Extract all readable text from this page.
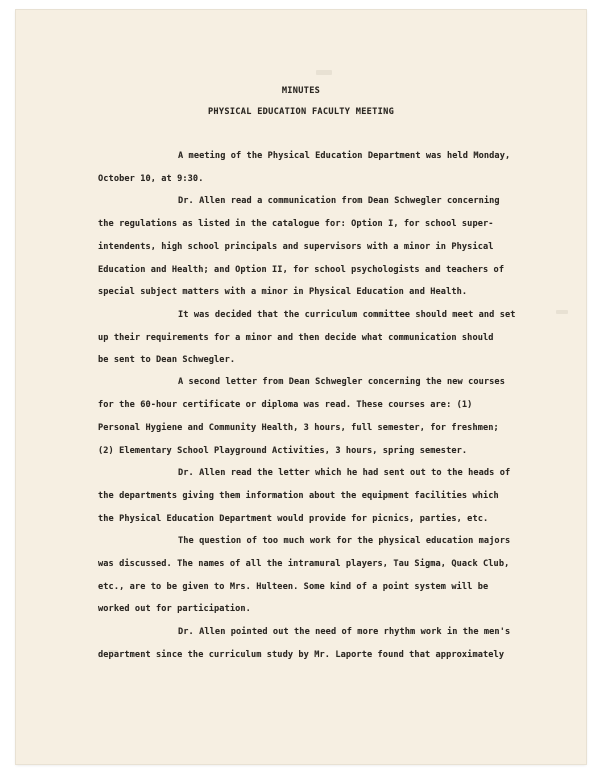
MINUTES
PHYSICAL EDUCATION FACULTY MEETING
A meeting of the Physical Education Department was held Monday,
October 10, at 9:30.
Dr. Allen read a communication from Dean Schwegler concerning
the regulations as listed in the catalogue for: Option I, for school super-
intendents, high school principals and supervisors with a minor in Physical
Education and Health; and Option II, for school psychologists and teachers of
special subject matters with a minor in Physical Education and Health.
It was decided that the curriculum committee should meet and set
up their requirements for a minor and then decide what communication should
be sent to Dean Schwegler.
A second letter from Dean Schwegler concerning the new courses
for the 60-hour certificate or diploma was read. These courses are: (1)
Personal Hygiene and Community Health, 3 hours, full semester, for freshmen;
(2) Elementary School Playground Activities, 3 hours, spring semester.
Dr. Allen read the letter which he had sent out to the heads of
the departments giving them information about the equipment facilities which
the Physical Education Department would provide for picnics, parties, etc.
The question of too much work for the physical education majors
was discussed. The names of all the intramural players, Tau Sigma, Quack Club,
etc., are to be given to Mrs. Hulteen. Some kind of a point system will be
worked out for participation.
Dr. Allen pointed out the need of more rhythm work in the men's
department since the curriculum study by Mr. Laporte found that approximately
